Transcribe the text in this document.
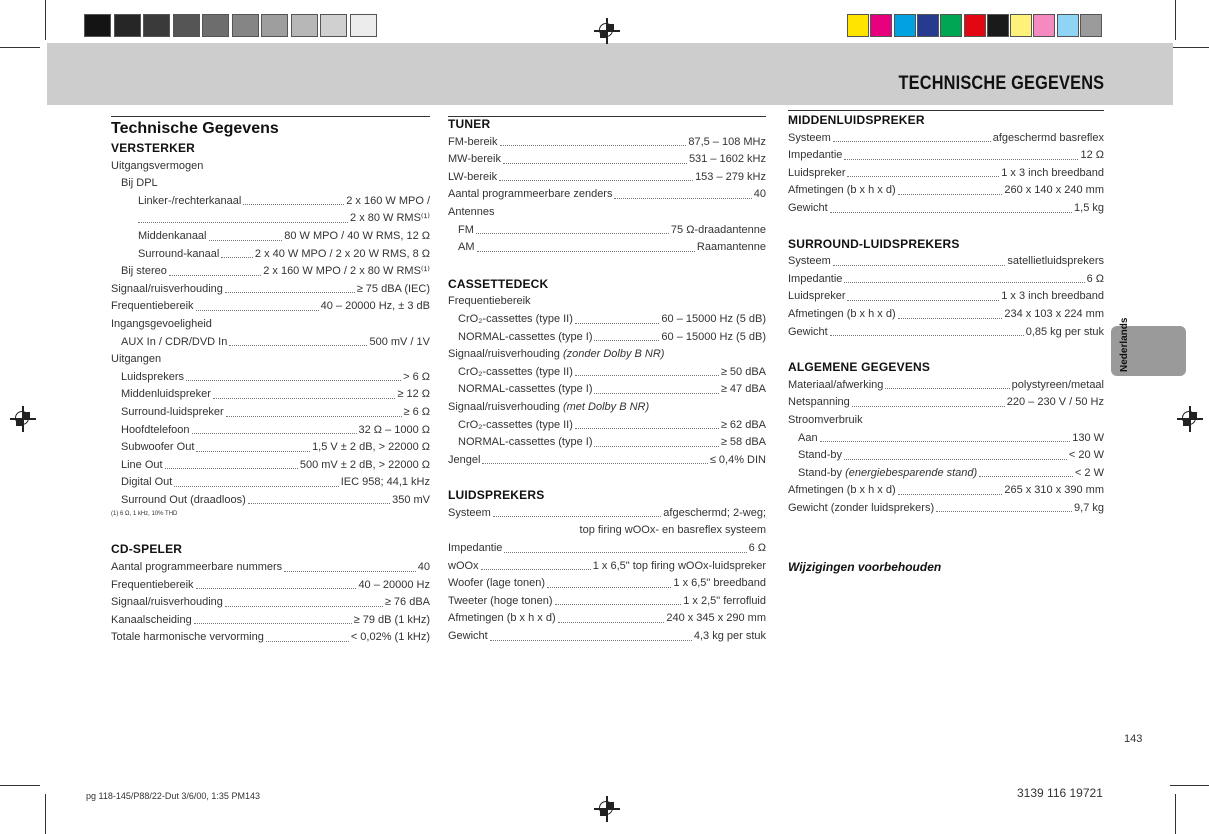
TECHNISCHE GEGEVENS
Technische Gegevens
VERSTERKER
Uitgangsvermogen
Bij DPL
Linker-/rechterkanaal	2 x 160 W MPO /
2 x 80 W RMS⁽¹⁾
Middenkanaal	80 W MPO / 40 W RMS, 12 Ω
Surround-kanaal	2 x 40 W MPO / 2 x 20 W RMS, 8 Ω
Bij stereo	2 x 160 W MPO / 2 x 80 W RMS⁽¹⁾
Signaal/ruisverhouding	≥ 75 dBA (IEC)
Frequentiebereik	40 – 20000 Hz, ± 3 dB
Ingangsgevoeligheid
AUX In / CDR/DVD In	500 mV / 1V
Uitgangen
Luidsprekers	> 6 Ω
Middenluidspreker	≥ 12 Ω
Surround-luidspreker	≥ 6 Ω
Hoofdtelefoon	32 Ω – 1000 Ω
Subwoofer Out	1,5 V ± 2 dB, > 22000 Ω
Line Out	500 mV ± 2 dB, > 22000 Ω
Digital Out	IEC 958; 44,1 kHz
Surround Out (draadloos)	350 mV
(1) 6 Ω, 1 kHz, 10% THD
CD-SPELER
Aantal programmeerbare nummers	40
Frequentiebereik	40 – 20000 Hz
Signaal/ruisverhouding	≥ 76 dBA
Kanaalscheiding	≥ 79 dB (1 kHz)
Totale harmonische vervorming	< 0,02% (1 kHz)
TUNER
FM-bereik	87,5 – 108 MHz
MW-bereik	531 – 1602 kHz
LW-bereik	153 – 279 kHz
Aantal programmeerbare zenders	40
Antennes
FM	75 Ω-draadantenne
AM	Raamantenne
CASSETTEDECK
Frequentiebereik
CrO₂-cassettes (type II)	60 – 15000 Hz (5 dB)
NORMAL-cassettes (type I)	60 – 15000 Hz (5 dB)
Signaal/ruisverhouding (zonder Dolby B NR)
CrO₂-cassettes (type II)	≥ 50 dBA
NORMAL-cassettes (type I)	≥ 47 dBA
Signaal/ruisverhouding (met Dolby B NR)
CrO₂-cassettes (type II)	≥ 62 dBA
NORMAL-cassettes (type I)	≥ 58 dBA
Jengel	≤ 0,4% DIN
LUIDSPREKERS
Systeem	afgeschermd; 2-weg;
top firing wOOx- en basreflex systeem
Impedantie	6 Ω
wOOx	1 x 6,5" top firing wOOx-luidspreker
Woofer (lage tonen)	1 x 6,5" breedband
Tweeter (hoge tonen)	1 x 2,5" ferrofluid
Afmetingen (b x h x d)	240 x 345 x 290 mm
Gewicht	4,3 kg per stuk
MIDDENLUIDSPREKER
Systeem	afgeschermd basreflex
Impedantie	12 Ω
Luidspreker	1 x 3 inch breedband
Afmetingen (b x h x d)	260 x 140 x 240 mm
Gewicht	1,5 kg
SURROUND-LUIDSPREKERS
Systeem	satellietluidsprekers
Impedantie	6 Ω
Luidspreker	1 x 3 inch breedband
Afmetingen (b x h x d)	234 x 103 x 224 mm
Gewicht	0,85 kg per stuk
ALGEMENE GEGEVENS
Materiaal/afwerking	polystyreen/metaal
Netspanning	220 – 230 V / 50 Hz
Stroomverbruik
Aan	130 W
Stand-by	< 20 W
Stand-by (energiebesparende stand)	< 2 W
Afmetingen (b x h x d)	265 x 310 x 390 mm
Gewicht (zonder luidsprekers)	9,7 kg
Wijzigingen voorbehouden
Nederlands
143
pg 118-145/P88/22-Dut 3/6/00, 1:35 PM143	3139 116 19721
